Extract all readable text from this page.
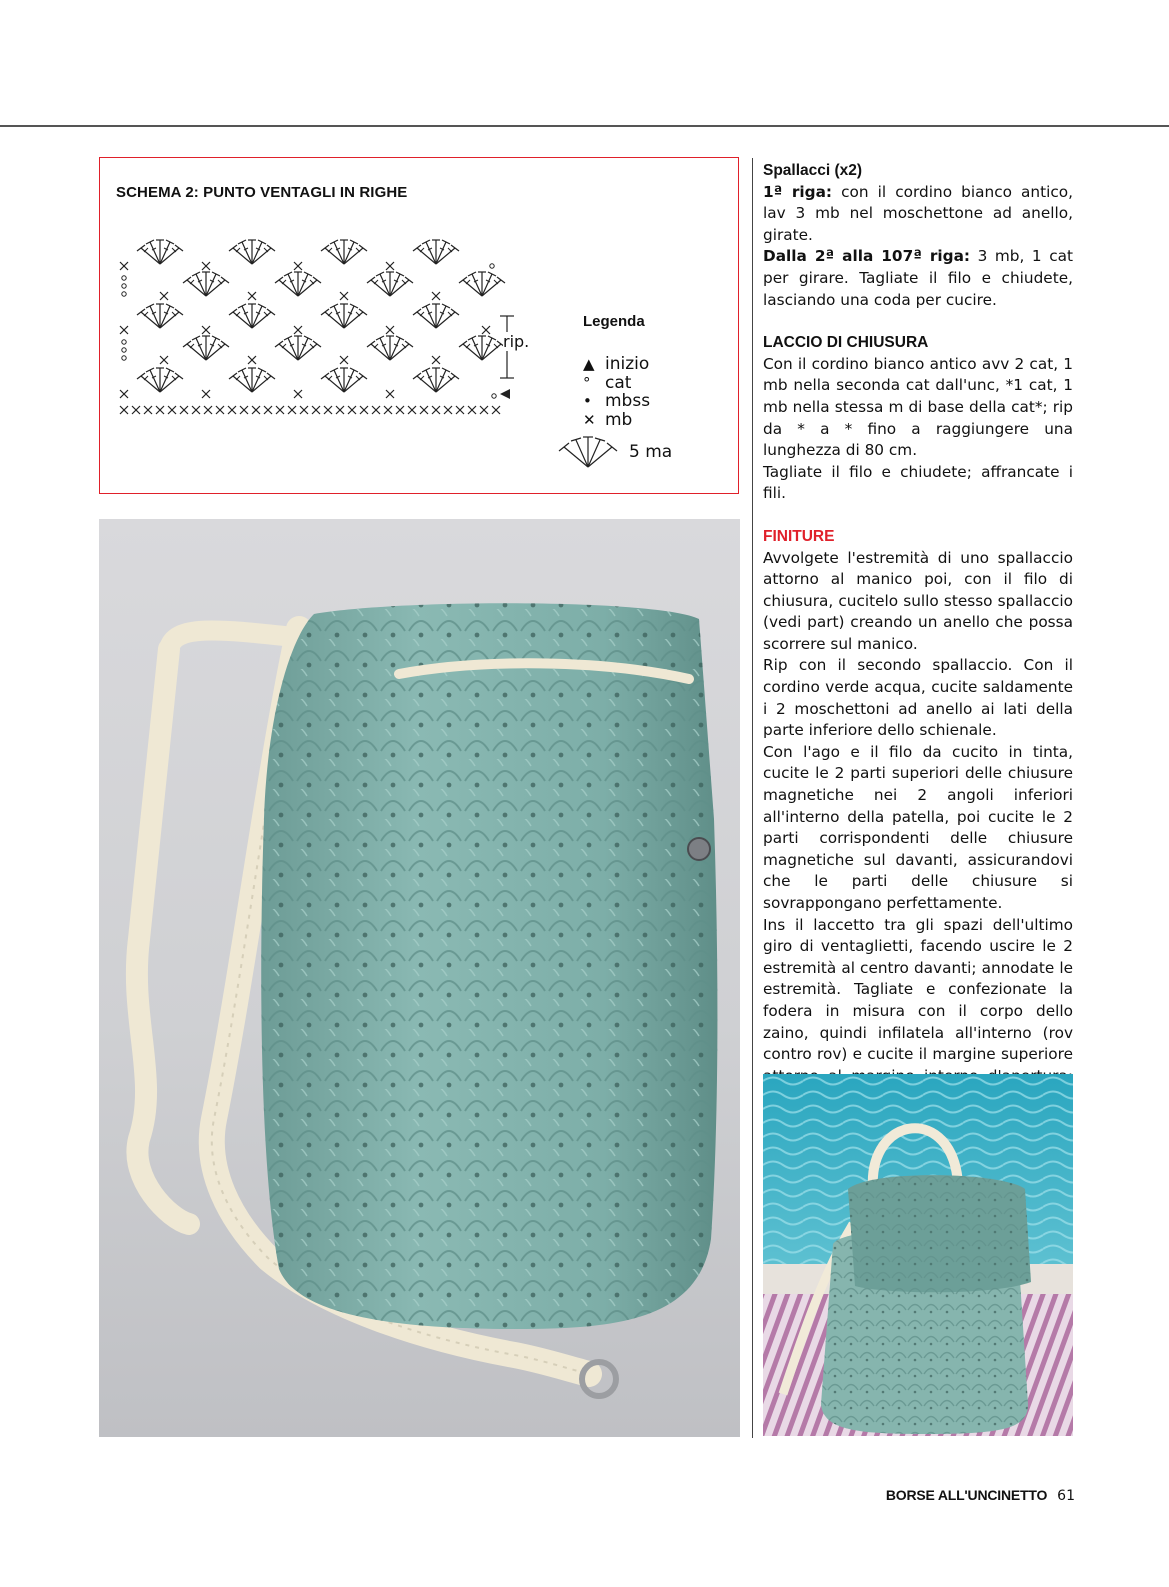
SCHEMA 2: PUNTO VENTAGLI IN RIGHE
rip.
Legenda
▲ inizio
° cat
• mbss
✕ mb
5 ma

Spallacci (x2)

1ª riga: con il cordino bianco antico, lav 3 mb nel moschettone ad anello, girate.

Dalla 2ª alla 107ª riga: 3 mb, 1 cat per girare. Tagliate il filo e chiudete, lasciando una coda per cucire.

LACCIO DI CHIUSURA

Con il cordino bianco antico avv 2 cat, 1 mb nella seconda cat dall'unc, *1 cat, 1 mb nella stessa m di base della cat*; rip da * a * fino a raggiungere una lunghezza di 80 cm.

Tagliate il filo e chiudete; affrancate i fili.

FINITURE

Avvolgete l'estremità di uno spallaccio attorno al manico poi, con il filo di chiusura, cucitelo sullo stesso spallaccio (vedi part) creando un anello che possa scorrere sul manico.

Rip con il secondo spallaccio. Con il cordino verde acqua, cucite saldamente i 2 moschettoni ad anello ai lati della parte inferiore dello schienale.

Con l'ago e il filo da cucito in tinta, cucite le 2 parti superiori delle chiusure magnetiche nei 2 angoli inferiori all'interno della patella, poi cucite le 2 parti corrispondenti delle chiusure magnetiche sul davanti, assicurandovi che le parti delle chiusure si sovrappongano perfettamente.

Ins il laccetto tra gli spazi dell'ultimo giro di ventaglietti, facendo uscire le 2 estremità al centro davanti; annodate le estremità. Tagliate e confezionate la fodera in misura con il corpo dello zaino, quindi infilatela all'interno (rov contro rov) e cucite il margine superiore

BORSE ALL'UNCINETTO 61
